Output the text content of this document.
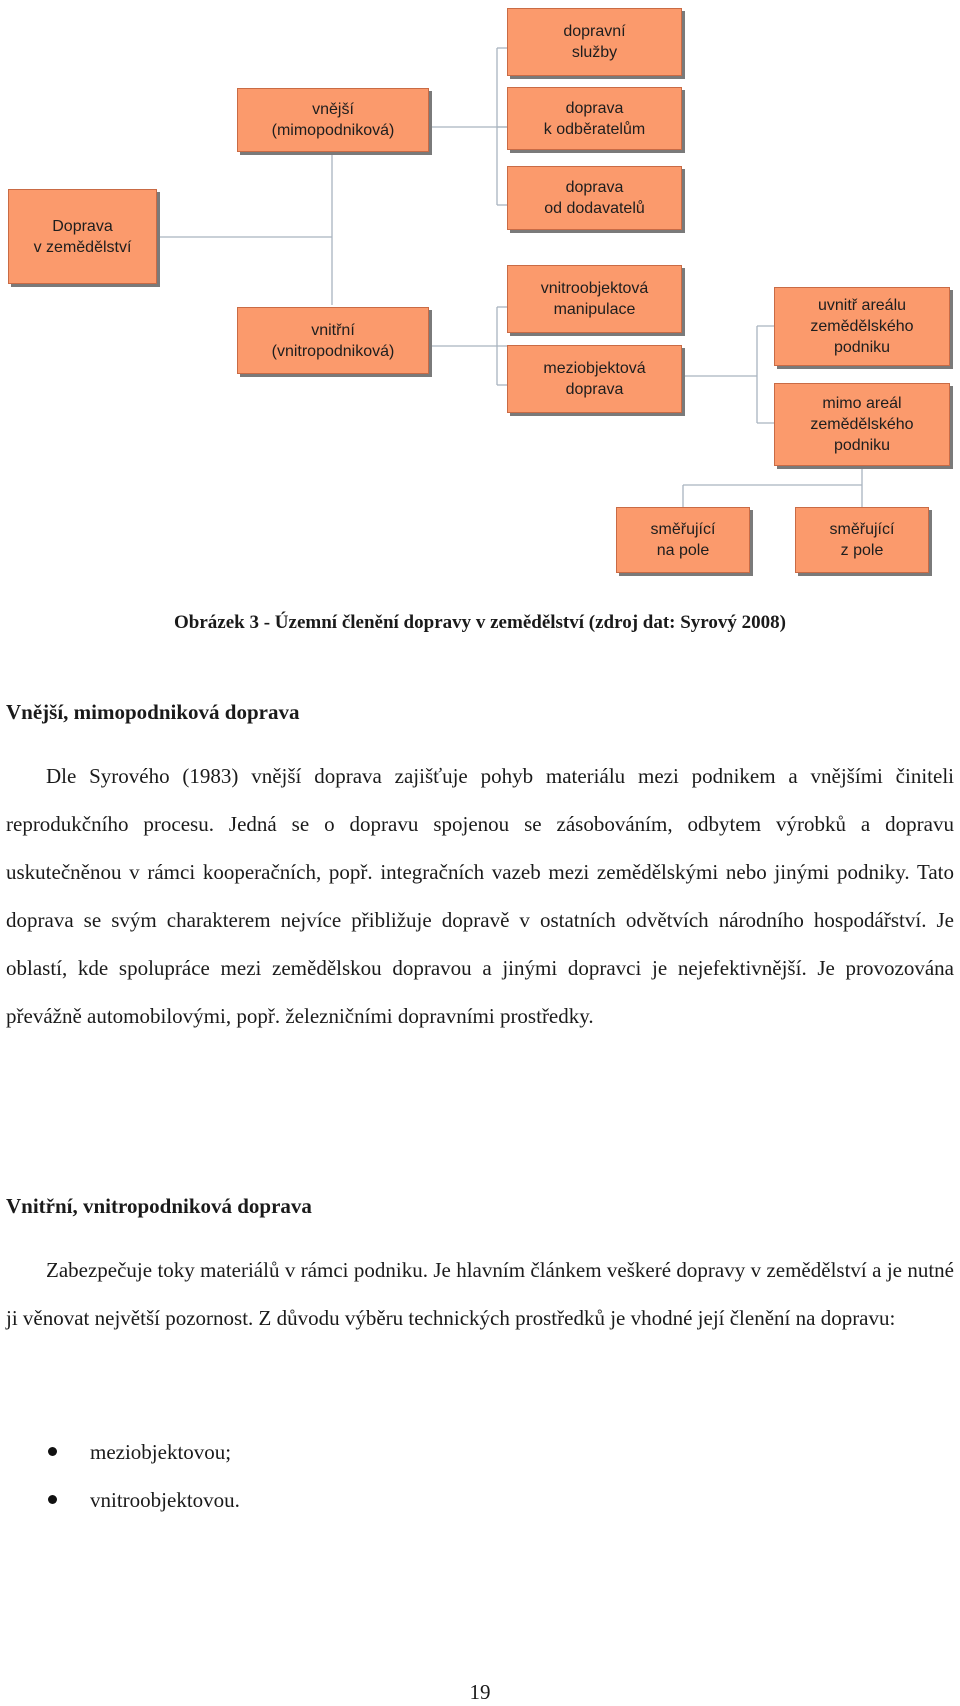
Doprava
v zemědělství
vnější
(mimopodniková)
vnitřní
(vnitropodniková)
dopravní
služby
doprava
k odběratelům
doprava
od dodavatelů
vnitroobjektová
manipulace
meziobjektová
doprava
uvnitř areálu
zemědělského
podniku
mimo areál
zemědělského
podniku
směřující
na pole
směřující
z pole
Obrázek 3 - Územní členění dopravy v zemědělství (zdroj dat: Syrový 2008)
Vnější, mimopodniková doprava

Dle Syrového (1983) vnější doprava zajišťuje pohyb materiálu mezi podnikem a vnějšími činiteli reprodukčního procesu. Jedná se o dopravu spojenou se zásobováním, odbytem výrobků a dopravu uskutečněnou v rámci kooperačních, popř. integračních vazeb mezi zemědělskými nebo jinými podniky. Tato doprava se svým charakterem nejvíce přibližuje dopravě v ostatních odvětvích národního hospodářství. Je oblastí, kde spolupráce mezi zemědělskou dopravou a jinými dopravci je nejefektivnější. Je provozována převážně automobilovými, popř. železničními dopravními prostředky.

Vnitřní, vnitropodniková doprava

Zabezpečuje toky materiálů v rámci podniku. Je hlavním článkem veškeré dopravy v zemědělství a je nutné ji věnovat největší pozornost. Z důvodu výběru technických prostředků je vhodné její členění na dopravu:

meziobjektovou;
vnitroobjektovou.
19
